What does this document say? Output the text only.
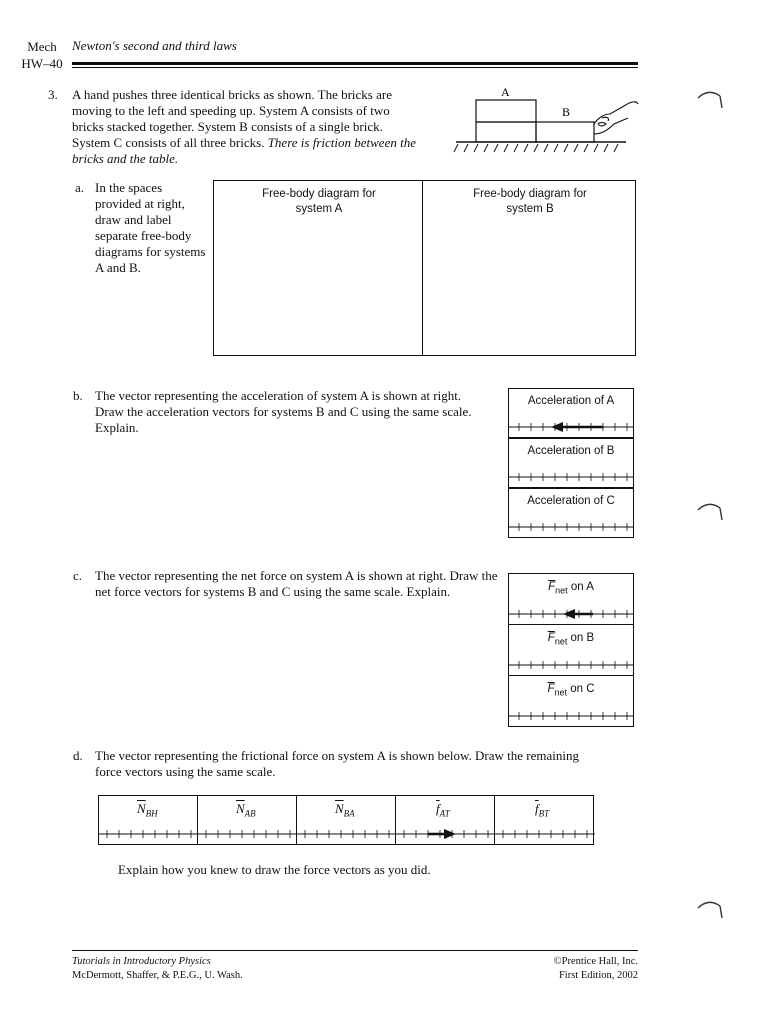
Mech
HW–40
Newton's second and third laws
3. A hand pushes three identical bricks as shown. The bricks are moving to the left and speeding up. System A consists of two bricks stacked together. System B consists of a single brick. System C consists of all three bricks. There is friction between the bricks and the table.
A
B
a. In the spaces provided at right, draw and label separate free-body diagrams for systems A and B.
Free-body diagram for system A
Free-body diagram for system B
b. The vector representing the acceleration of system A is shown at right. Draw the acceleration vectors for systems B and C using the same scale. Explain.
Acceleration of A
Acceleration of B
Acceleration of C
c. The vector representing the net force on system A is shown at right. Draw the net force vectors for systems B and C using the same scale. Explain.	$\overline{F}_{net}$ on A
$\overline{F}_{net}$ on B
$\overline{F}_{net}$ on C
d. The vector representing the frictional force on system A is shown below. Draw the remaining force vectors using the same scale.
$\overline{N}_{BH}$	$\overline{N}_{AB}$	$\overline{N}_{BA}$	$\overline{f}_{AT}$	$\overline{f}_{BT}$
Explain how you knew to draw the force vectors as you did.
Tutorials in Introductory Physics
McDermott, Shaffer, & P.E.G., U. Wash.
©Prentice Hall, Inc.
First Edition, 2002
